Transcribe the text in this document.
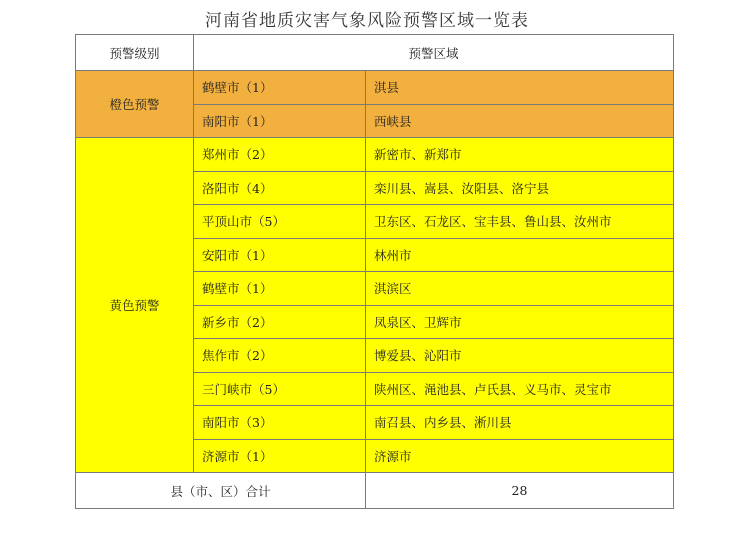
河南省地质灾害气象风险预警区域一览表
预警级别	预警区域	
橙色预警	鹤壁市（1）	淇县
	南阳市（1）	西峡县
黄色预警	郑州市（2）	新密市、新郑市
	洛阳市（4）	栾川县、嵩县、汝阳县、洛宁县
	平顶山市（5）	卫东区、石龙区、宝丰县、鲁山县、汝州市
	安阳市（1）	林州市
	鹤壁市（1）	淇滨区
	新乡市（2）	凤泉区、卫辉市
	焦作市（2）	博爱县、沁阳市
	三门峡市（5）	陕州区、渑池县、卢氏县、义马市、灵宝市
	南阳市（3）	南召县、内乡县、淅川县
	济源市（1）	济源市
县（市、区）合计		28
